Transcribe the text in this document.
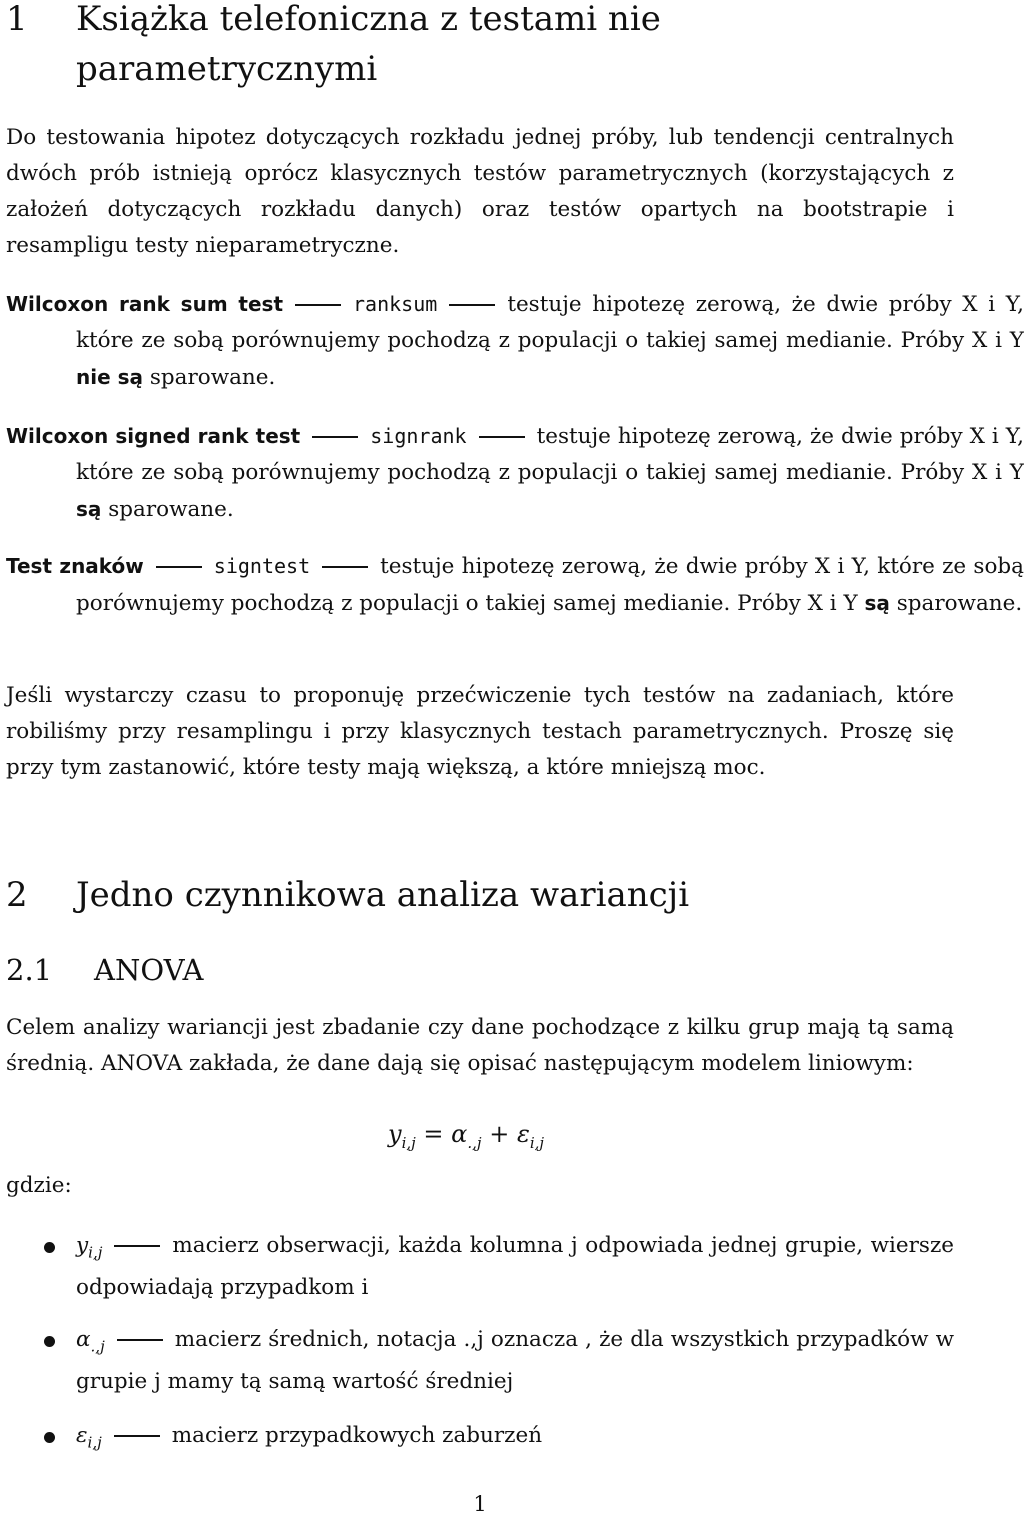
1 Książka telefoniczna z testami nie parametrycznymi
Do testowania hipotez dotyczących rozkładu jednej próby, lub tendencji centralnych dwóch prób istnieją oprócz klasycznych testów parametrycznych (korzystających z założeń dotyczących rozkładu danych) oraz testów opartych na bootstrapie i resampligu testy nieparametryczne.
Wilcoxon rank sum test	ranksum	testuje hipotezę zerową, że dwie próby X i Y, które ze sobą porównujemy pochodzą z populacji o takiej samej medianie. Próby X i Y nie są sparowane.
Wilcoxon signed rank test	signrank	testuje hipotezę zerową, że dwie próby X i Y, które ze sobą porównujemy pochodzą z populacji o takiej samej medianie. Próby X i Y są sparowane.
Test znaków	signtest	testuje hipotezę zerową, że dwie próby X i Y, które ze sobą porównujemy pochodzą z populacji o takiej samej medianie. Próby X i Y są sparowane.
Jeśli wystarczy czasu to proponuję przećwiczenie tych testów na zadaniach, które robiliśmy przy resamplingu i przy klasycznych testach parametrycznych. Proszę się przy tym zastanowić, które testy mają większą, a które mniejszą moc.
2 Jedno czynnikowa analiza wariancji
2.1 ANOVA
Celem analizy wariancji jest zbadanie czy dane pochodzące z kilku grup mają tą samą średnią. ANOVA zakłada, że dane dają się opisać następującym modelem liniowym:
$y_{i,j} = \alpha_{.,j} + \varepsilon_{i,j}$
gdzie:
$y_{i,j}$	macierz obserwacji, każda kolumna j odpowiada jednej grupie, wiersze odpowiadają przypadkom i
$\alpha_{.,j}$	macierz średnich, notacja .,j oznacza , że dla wszystkich przypadków w grupie j mamy tą samą wartość średniej
$\varepsilon_{i,j}$	macierz przypadkowych zaburzeń
1
